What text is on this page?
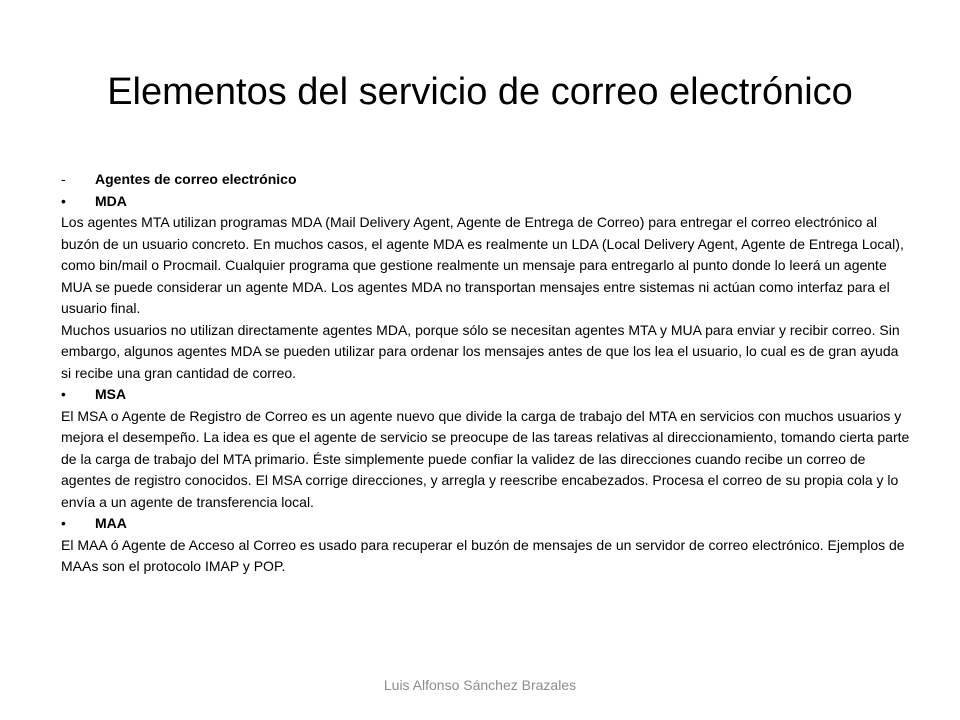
Elementos del servicio de correo electrónico
-	Agentes de correo electrónico
•	MDA

Los agentes MTA utilizan programas MDA (Mail Delivery Agent, Agente de Entrega de Correo) para entregar el correo electrónico al buzón de un usuario concreto. En muchos casos, el agente MDA es realmente un LDA (Local Delivery Agent, Agente de Entrega Local), como bin/mail o Procmail. Cualquier programa que gestione realmente un mensaje para entregarlo al punto donde lo leerá un agente MUA se puede considerar un agente MDA. Los agentes MDA no transportan mensajes entre sistemas ni actúan como interfaz para el usuario final.

Muchos usuarios no utilizan directamente agentes MDA, porque sólo se necesitan agentes MTA y MUA para enviar y recibir correo. Sin embargo, algunos agentes MDA se pueden utilizar para ordenar los mensajes antes de que los lea el usuario, lo cual es de gran ayuda si recibe una gran cantidad de correo.

•	MSA

El MSA o Agente de Registro de Correo es un agente nuevo que divide la carga de trabajo del MTA en servicios con muchos usuarios y mejora el desempeño. La idea es que el agente de servicio se preocupe de las tareas relativas al direccionamiento, tomando cierta parte de la carga de trabajo del MTA primario. Éste simplemente puede confiar la validez de las direcciones cuando recibe un correo de agentes de registro conocidos. El MSA corrige direcciones, y arregla y reescribe encabezados. Procesa el correo de su propia cola y lo envía a un agente de transferencia local.

•	MAA

El MAA ó Agente de Acceso al Correo es usado para recuperar el buzón de mensajes de un servidor de correo electrónico. Ejemplos de MAAs son el protocolo IMAP y POP.

Luis Alfonso Sánchez Brazales
